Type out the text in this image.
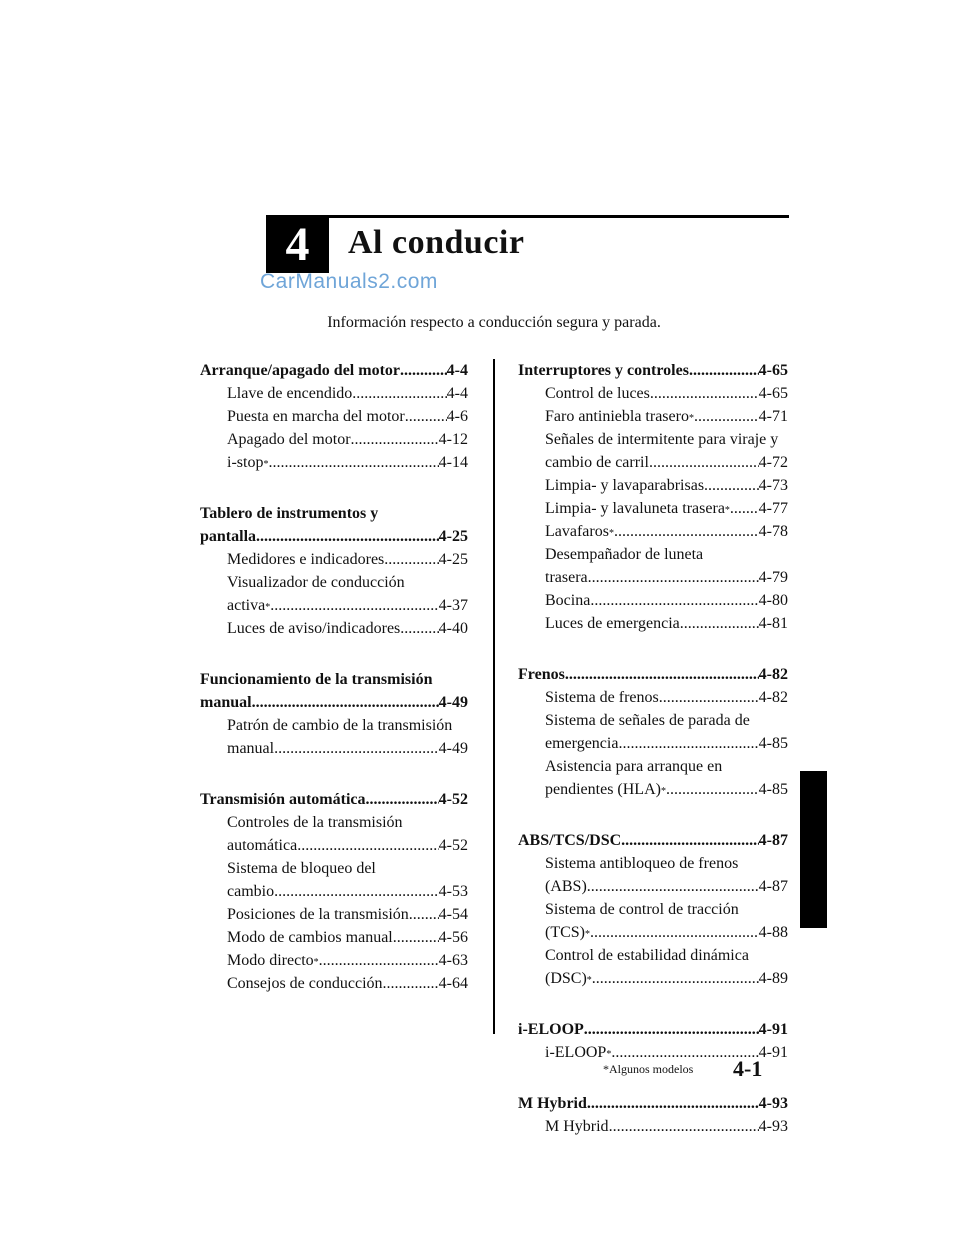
4	Al conducir
CarManuals2.com
Información respecto a conducción segura y parada.
Arranque/apagado del motor .....	4-4
Llave de encendido .....	4-4
Puesta en marcha del motor .....	4-6
Apagado del motor .....	4-12
i-stop * .....	4-14
Tablero de instrumentos y
pantalla .....	4-25
Medidores e indicadores .....	4-25
Visualizador de conducción
activa * .....	4-37
Luces de aviso/indicadores ..... 4-40
Funcionamiento de la transmisión
manual .....	4-49
Patrón de cambio de la transmisión
manual .....	4-49
Transmisión automática .....	4-52
Controles de la transmisión
automática .....	4-52
Sistema de bloqueo del
cambio .....	4-53
Posiciones de la transmisión ..... 4-54
Modo de cambios manual .....	4-56
Modo directo * .....	4-63
Consejos de conducción .....	4-64
Interruptores y controles .....	4-65
Control de luces .....	4-65
Faro antiniebla trasero * .....	4-71
Señales de intermitente para viraje y
cambio de carril .....	4-72
Limpia- y lavaparabrisas .....	4-73
Limpia- y lavaluneta trasera * ..... 4-77
Lavafaros * .....	4-78
Desempañador de luneta
trasera .....	4-79
Bocina .....	4-80
Luces de emergencia .....	4-81
Frenos .....	4-82
Sistema de frenos .....	4-82
Sistema de señales de parada de
emergencia .....	4-85
Asistencia para arranque en
pendientes (HLA) * .....	4-85
ABS/TCS/DSC .....	4-87
Sistema antibloqueo de frenos
(ABS) .....	4-87
Sistema de control de tracción
(TCS) * .....	4-88
Control de estabilidad dinámica
(DSC) * .....	4-89
i-ELOOP .....	4-91
i-ELOOP * .....	4-91
M Hybrid .....	4-93
M Hybrid .....	4-93
*Algunos modelos 4-1
